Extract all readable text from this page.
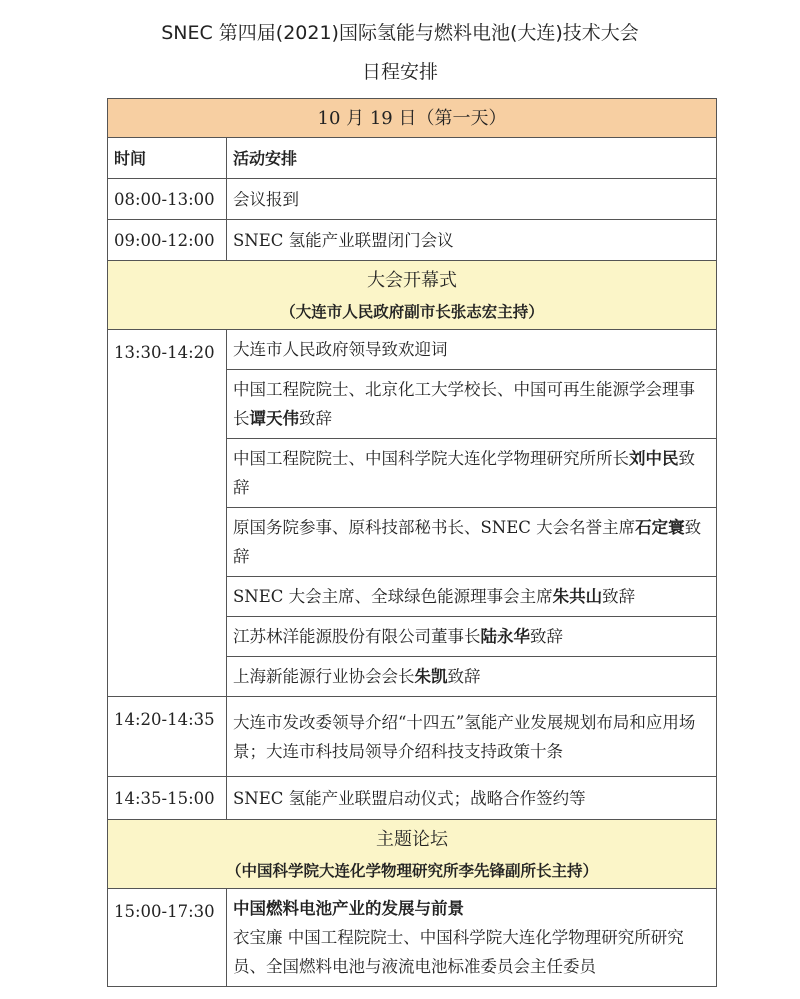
SNEC 第四届(2021)国际氢能与燃料电池(大连)技术大会
日程安排
10 月 19 日（第一天）	
时间	活动安排
08:00-13:00	会议报到
09:00-12:00	SNEC 氢能产业联盟闭门会议

大会开幕式
（大连市人民政府副市长张志宏主持）	

13:30-14:20	大连市人民政府领导致欢迎词

	中国工程院院士、北京化工大学校长、中国可再生能源学会理事长谭天伟致辞

	中国工程院院士、中国科学院大连化学物理研究所所长刘中民致辞

	原国务院参事、原科技部秘书长、SNEC 大会名誉主席石定寰致辞

	SNEC 大会主席、全球绿色能源理事会主席朱共山致辞
	江苏林洋能源股份有限公司董事长陆永华致辞
	上海新能源行业协会会长朱凯致辞
14:20-14:35	大连市发改委领导介绍“十四五”氢能产业发展规划布局和应用场景；大连市科技局领导介绍科技支持政策十条

14:35-15:00	SNEC 氢能产业联盟启动仪式；战略合作签约等

主题论坛
（中国科学院大连化学物理研究所李先锋副所长主持）	

15:00-17:30	中国燃料电池产业的发展与前景
衣宝廉 中国工程院院士、中国科学院大连化学物理研究所研究员、全国燃料电池与液流电池标准委员会主任委员
